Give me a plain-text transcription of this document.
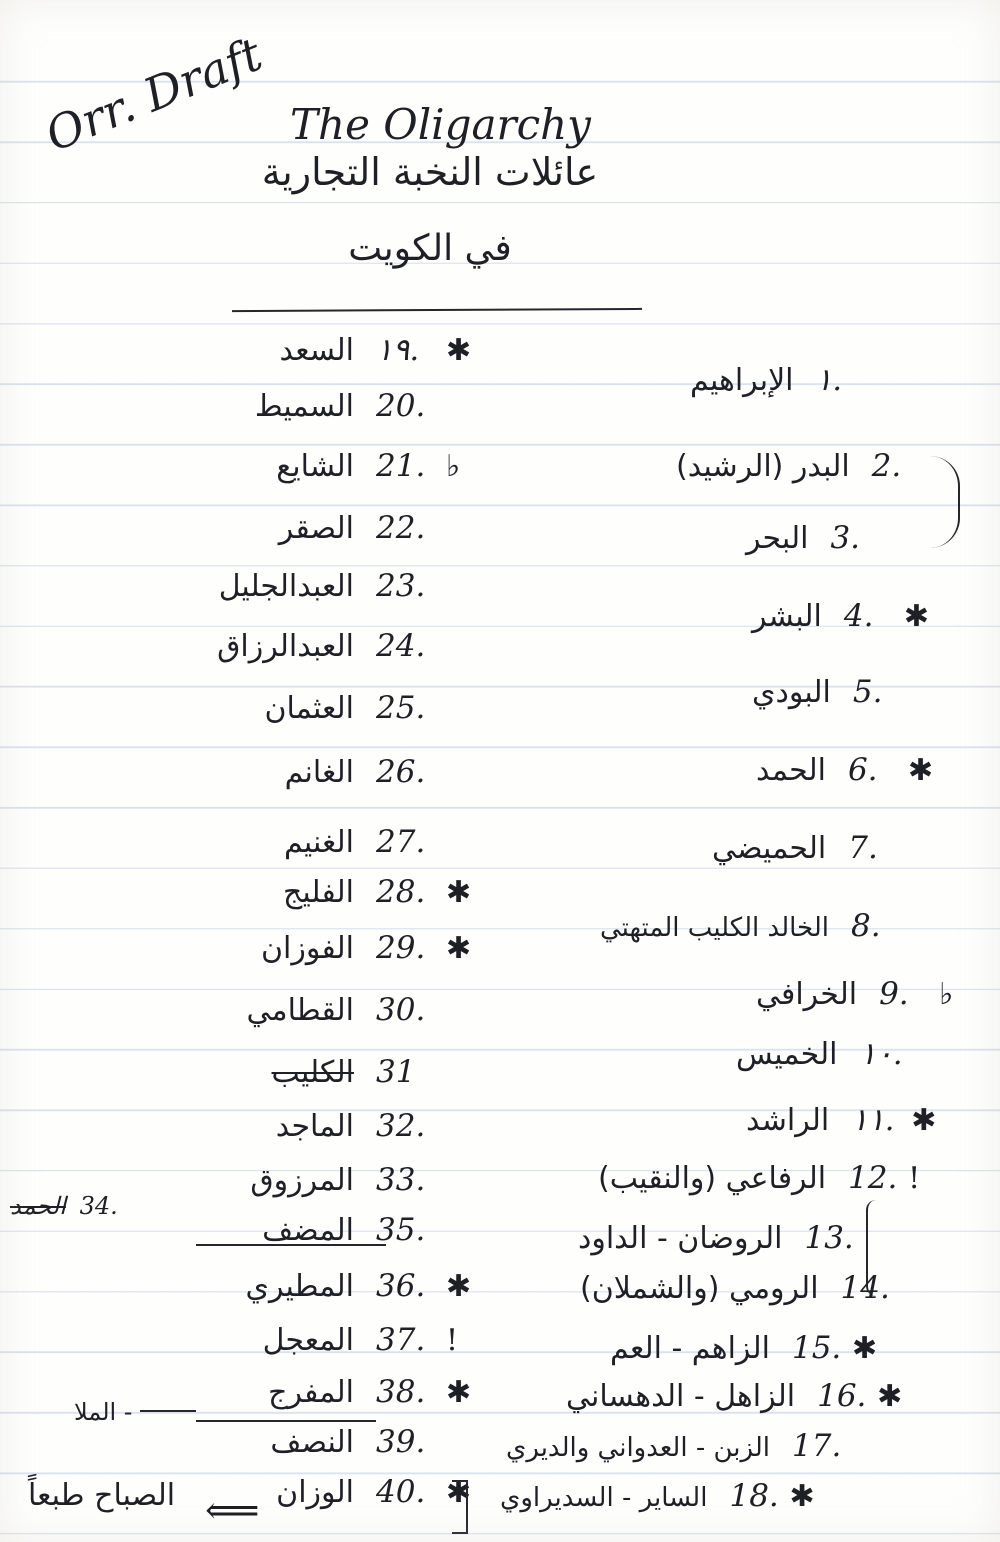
Orr. Draft The Oligarchy
عائلات النخبة التجارية
في الكويت
الإبراهيم ١.
البدر (الرشيد) 2.
البحر 3.
البشر 4.	✱
البودي 5.
الحمد 6.	✱
الحميضي 7.
الخالد الكليب المتهتي 8.
الخرافي 9.	♭
الخميس ١٠.
الراشد ١١. ✱
الرفاعي (والنقيب) 12. !
الروضان - الداود 13.
الرومي (والشملان) 14.
الزاهم - العم 15. ✱
الزاهل - الدهساني 16. ✱
الزبن - العدواني والديري 17.
الساير - السديراوي 18. ✱
السعد ١٩. ✱
السميط 20.
الشايع 21. ♭
الصقر 22.
العبدالجليل 23.
العبدالرزاق 24.
العثمان 25.
الغانم 26.
الغنيم 27.
الفليج 28. ✱
الفوزان 29. ✱
القطامي 30.
الكليب 31
الماجد 32.
المرزوق 33.
الحمد 34.
المضف 35.
المطيري 36. ✱
المعجل 37. !
المفرج 38. ✱
- الملا
النصف 39.
الوزان 40. ✱
⟸
الصباح طبعاً
